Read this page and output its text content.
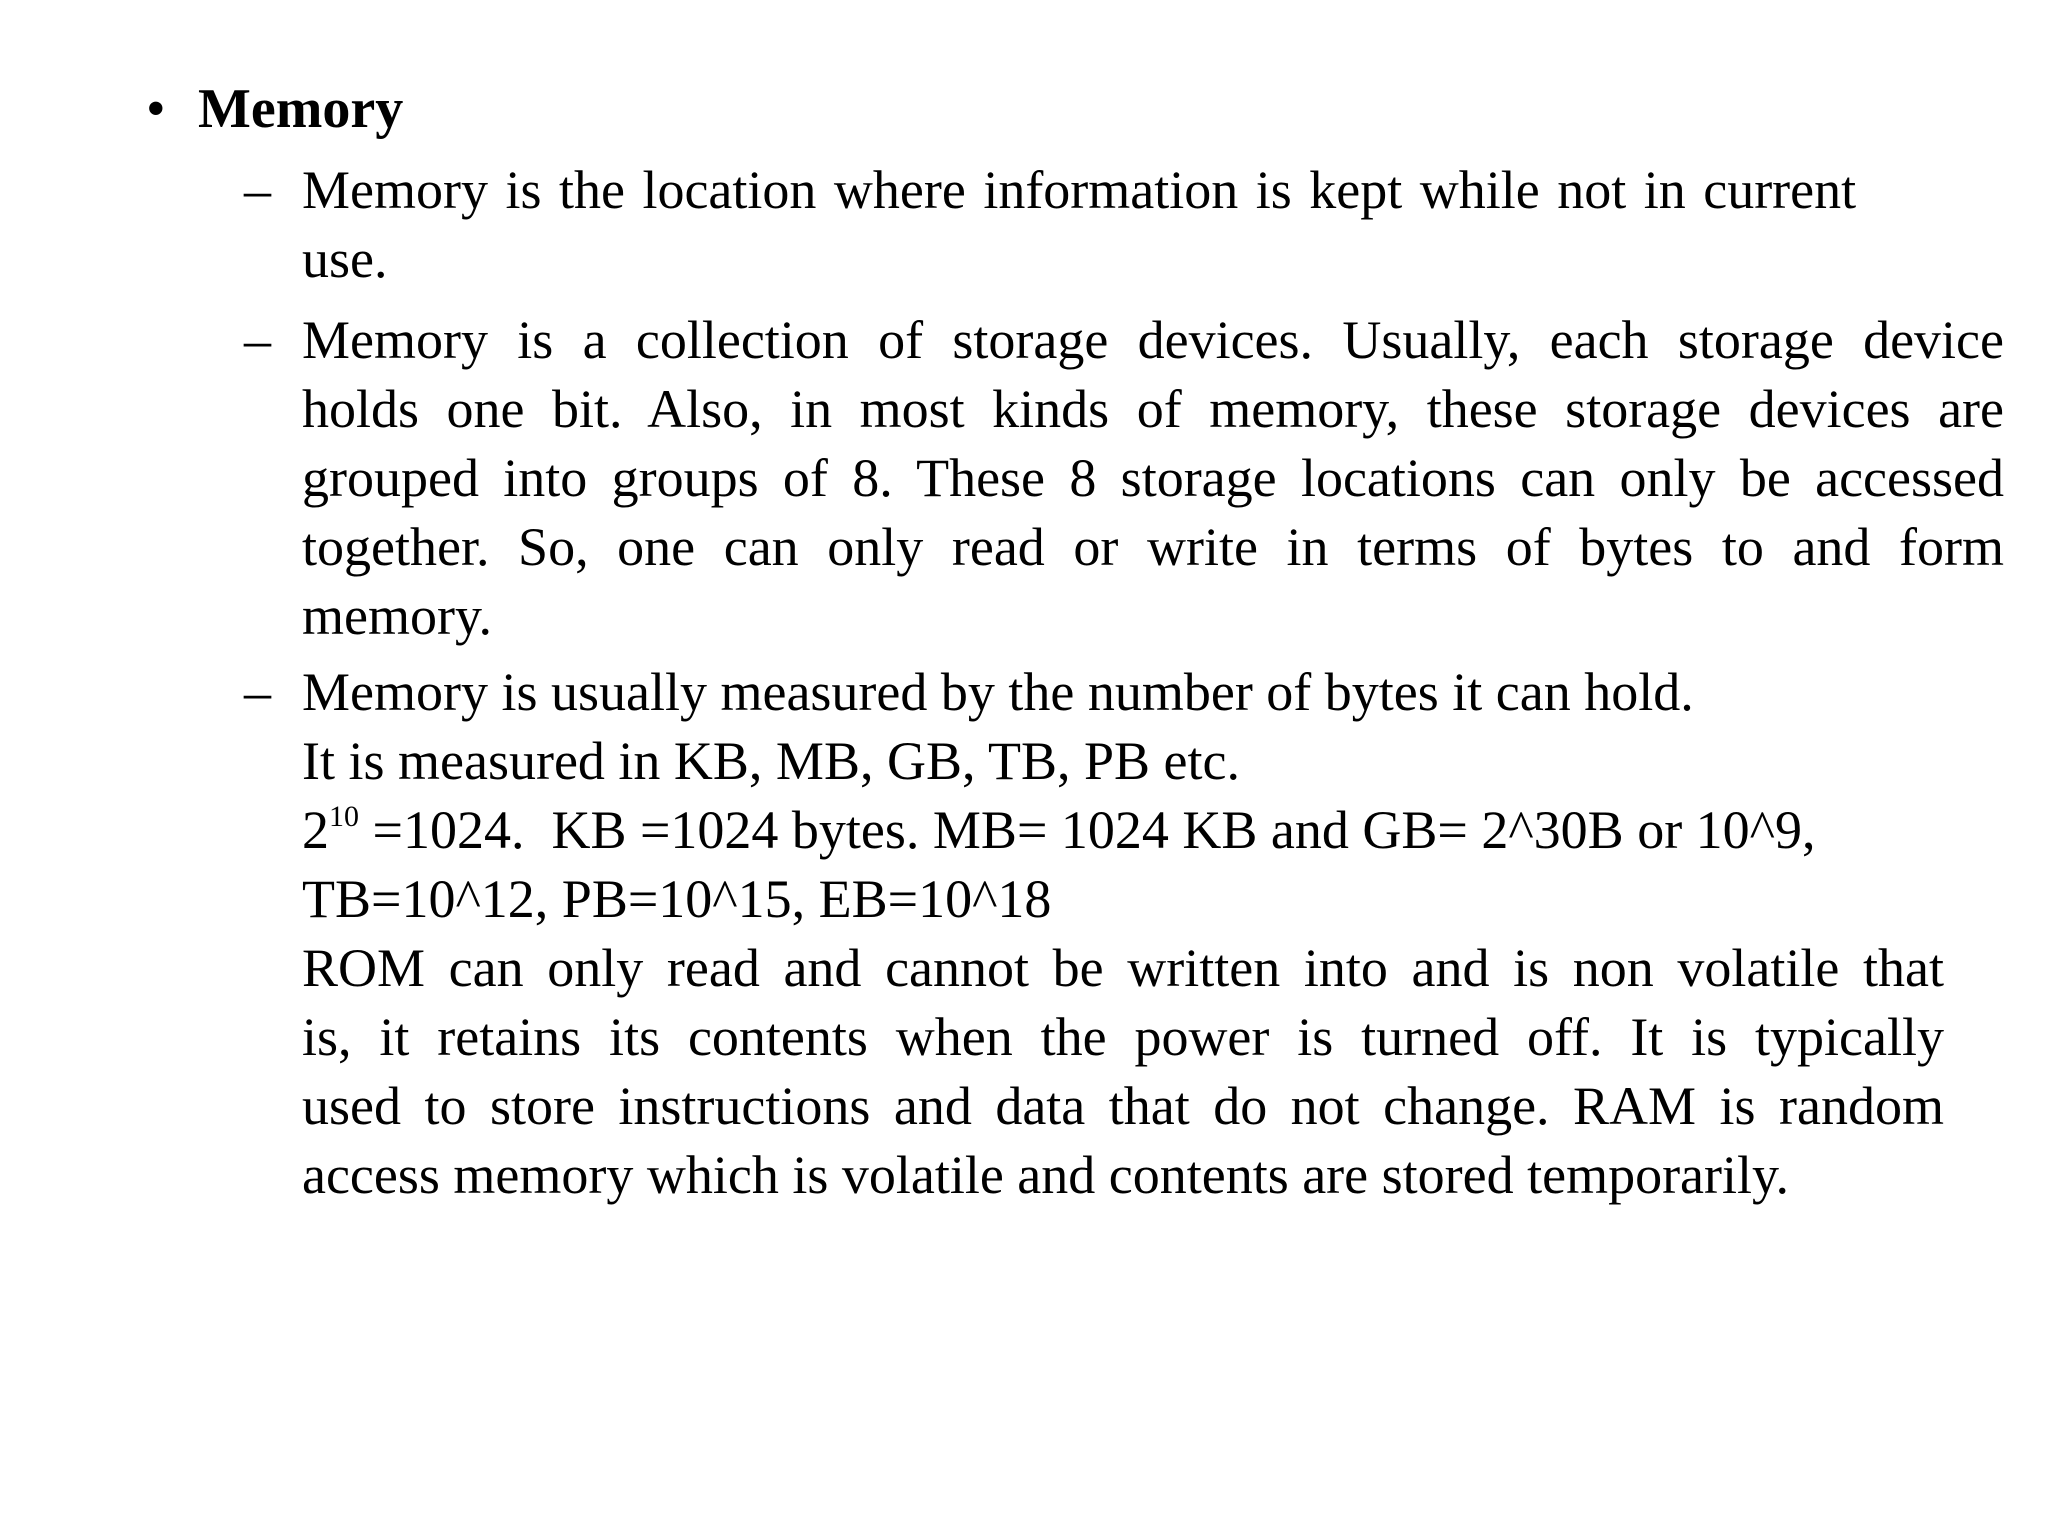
• Memory
– Memory is the location where information is kept while not in current
use.
– Memory is a collection of storage devices. Usually, each storage device
holds one bit. Also, in most kinds of memory, these storage devices are
grouped into groups of 8. These 8 storage locations can only be accessed
together. So, one can only read or write in terms of bytes to and form
memory.
– Memory is usually measured by the number of bytes it can hold.
It is measured in KB, MB, GB, TB, PB etc.
$2^{10} =1024$.  KB =1024 bytes. MB= 1024 KB and GB= 2^30B or 10^9,
TB=10^12, PB=10^15, EB=10^18
ROM can only read and cannot be written into and is non volatile that
is, it retains its contents when the power is turned off. It is typically
used to store instructions and data that do not change. RAM is random
access memory which is volatile and contents are stored temporarily.
